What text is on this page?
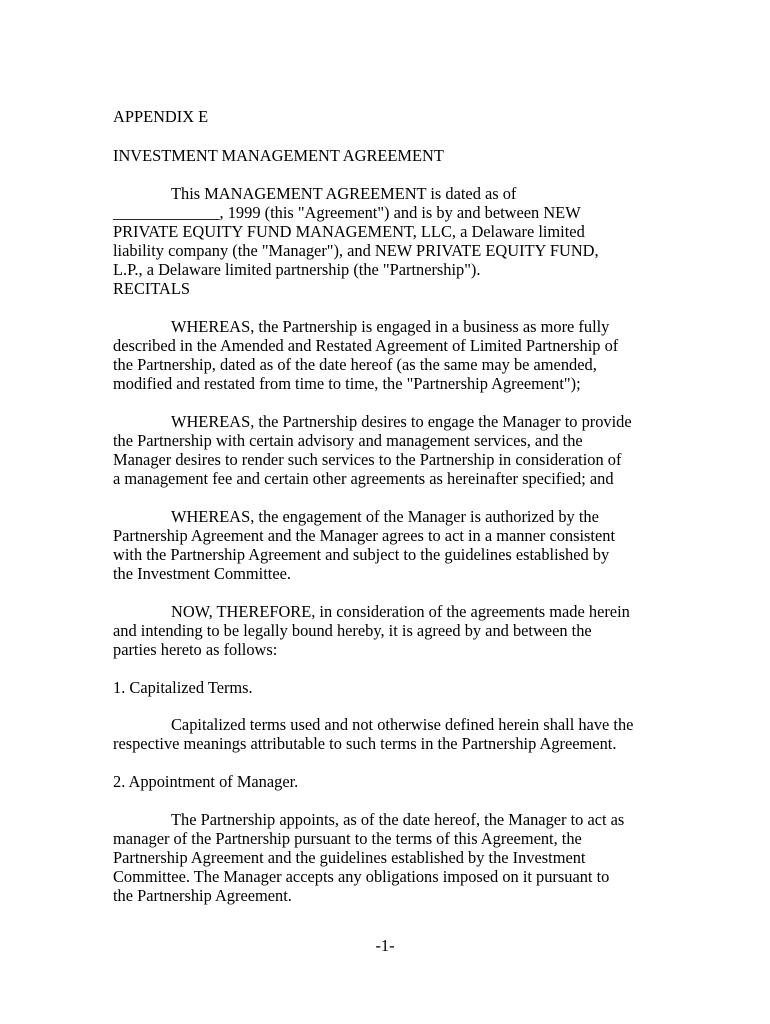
APPENDIX E

INVESTMENT MANAGEMENT AGREEMENT

This MANAGEMENT AGREEMENT is dated as of
_____________, 1999 (this "Agreement") and is by and between NEW
PRIVATE EQUITY FUND MANAGEMENT, LLC, a Delaware limited
liability company (the "Manager"), and NEW PRIVATE EQUITY FUND,
L.P., a Delaware limited partnership (the "Partnership").
RECITALS
WHEREAS, the Partnership is engaged in a business as more fully
described in the Amended and Restated Agreement of Limited Partnership of
the Partnership, dated as of the date hereof (as the same may be amended,
modified and restated from time to time, the "Partnership Agreement");
WHEREAS, the Partnership desires to engage the Manager to provide
the Partnership with certain advisory and management services, and the
Manager desires to render such services to the Partnership in consideration of
a management fee and certain other agreements as hereinafter specified; and
WHEREAS, the engagement of the Manager is authorized by the
Partnership Agreement and the Manager agrees to act in a manner consistent
with the Partnership Agreement and subject to the guidelines established by
the Investment Committee.
NOW, THEREFORE, in consideration of the agreements made herein
and intending to be legally bound hereby, it is agreed by and between the
parties hereto as follows:

1. Capitalized Terms.

Capitalized terms used and not otherwise defined herein shall have the
respective meanings attributable to such terms in the Partnership Agreement.

2. Appointment of Manager.

The Partnership appoints, as of the date hereof, the Manager to act as
manager of the Partnership pursuant to the terms of this Agreement, the
Partnership Agreement and the guidelines established by the Investment
Committee. The Manager accepts any obligations imposed on it pursuant to
the Partnership Agreement.
-1-
